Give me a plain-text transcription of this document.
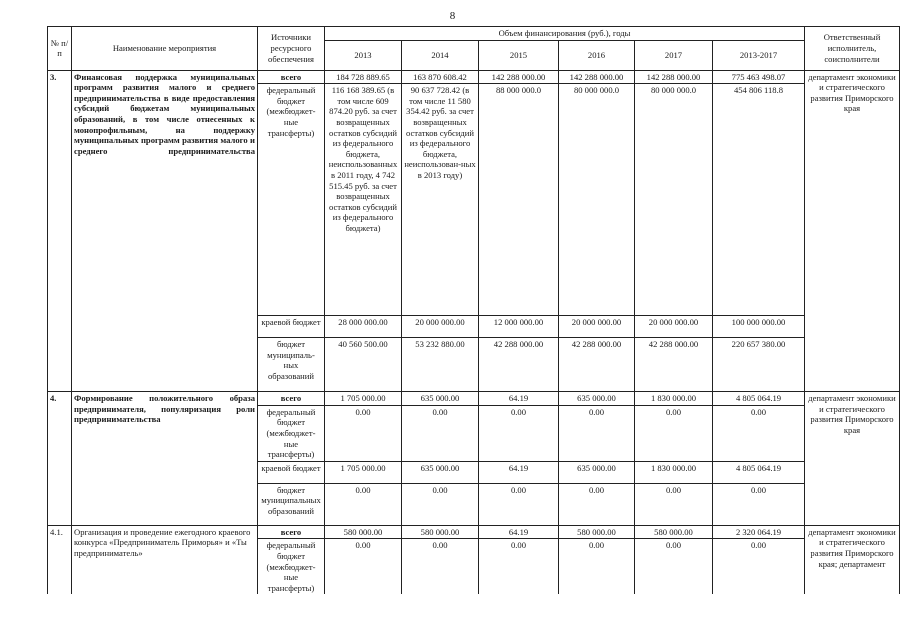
8
№ п/п	Наименование мероприятия	Источники ресурсного обеспечения	Объем финансирования (руб.), годы						Ответственный исполнитель, соисполнители
			2013	2014	2015	2016	2017	2013-2017	
3.	Финансовая поддержка муниципальных программ развития малого и среднего предпринимательства в виде предоставления субсидий бюджетам муниципальных образований, в том числе отнесенных к монопрофильным, на поддержку муниципальных программ развития малого и среднего предпринимательства	всего	184 728 889.65	163 870 608.42	142 288 000.00	142 288 000.00	142 288 000.00	775 463 498.07	департамент экономики и стратегического развития Приморского края
		федеральный бюджет (межбюджет-ные трансферты)	116 168 389.65 (в том числе 609 874.20 руб. за счет возвращенных остатков субсидий из федерального бюджета, неиспользованных в 2011 году, 4 742 515.45 руб. за счет возвращенных остатков субсидий из федерального бюджета)	90 637 728.42 (в том числе 11 580 354.42 руб. за счет возвращенных остатков субсидий из федерального бюджета, неиспользован-ных в 2013 году)	88 000 000.0	80 000 000.0	80 000 000.0	454 806 118.8	
		краевой бюджет	28 000 000.00	20 000 000.00	12 000 000.00	20 000 000.00	20 000 000.00	100 000 000.00	
		бюджет муниципаль-ных образований	40 560 500.00	53 232 880.00	42 288 000.00	42 288 000.00	42 288 000.00	220 657 380.00	
4.	Формирование положительного образа предпринимателя, популяризация роли предпринимательства	всего	1 705 000.00	635 000.00	64.19	635 000.00	1 830 000.00	4 805 064.19	департамент экономики и стратегического развития Приморского края
		федеральный бюджет (межбюджет-ные трансферты)	0.00	0.00	0.00	0.00	0.00	0.00	
		краевой бюджет	1 705 000.00	635 000.00	64.19	635 000.00	1 830 000.00	4 805 064.19	
		бюджет муниципальных образований	0.00	0.00	0.00	0.00	0.00	0.00	
4.1.	Организация и проведение ежегодного краевого конкурса «Предприниматель Приморья» и «Ты предприниматель»	всего	580 000.00	580 000.00	64.19	580 000.00	580 000.00	2 320 064.19	департамент экономики и стратегического развития Приморского края; департамент
		федеральный бюджет (межбюджет-ные трансферты)	0.00	0.00	0.00	0.00	0.00	0.00	
